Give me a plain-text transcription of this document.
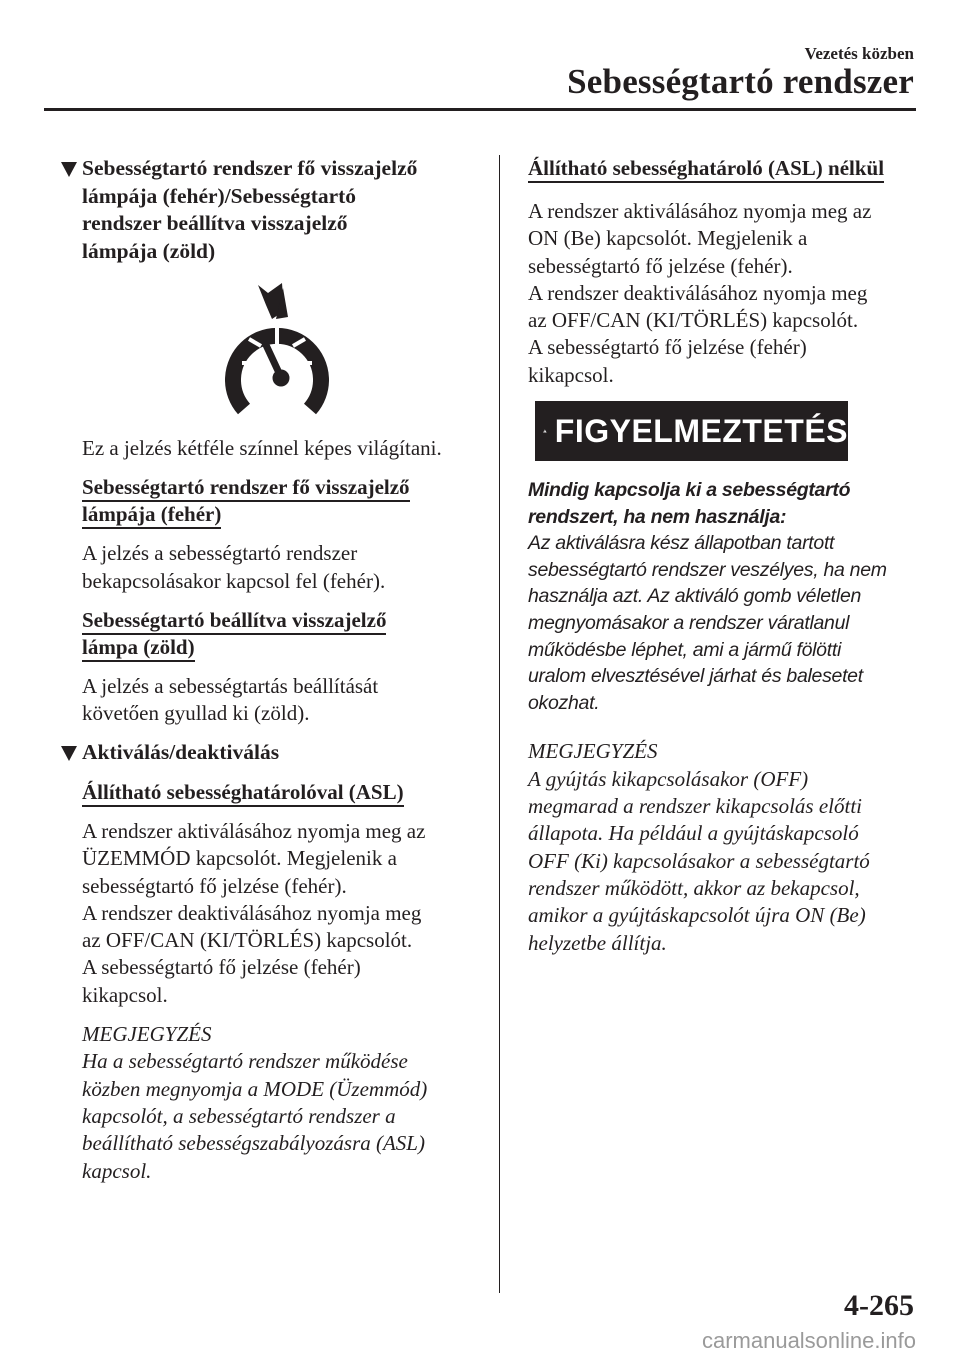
Vezetés közben
Sebességtartó rendszer
Sebességtartó rendszer fő visszajelző
lámpája (fehér)/Sebességtartó
rendszer beállítva visszajelző
lámpája (zöld)
Ez a jelzés kétféle színnel képes világítani.
Sebességtartó rendszer fő visszajelző
lámpája (fehér)
A jelzés a sebességtartó rendszer
bekapcsolásakor kapcsol fel (fehér).
Sebességtartó beállítva visszajelző
lámpa (zöld)
A jelzés a sebességtartás beállítását
követően gyullad ki (zöld).
Aktiválás/deaktiválás
Állítható sebességhatárolóval (ASL)
A rendszer aktiválásához nyomja meg az
ÜZEMMÓD kapcsolót. Megjelenik a
sebességtartó fő jelzése (fehér).
A rendszer deaktiválásához nyomja meg
az OFF/CAN (KI/TÖRLÉS) kapcsolót.
A sebességtartó fő jelzése (fehér)
kikapcsol.
MEGJEGYZÉS
Ha a sebességtartó rendszer működése
közben megnyomja a MODE (Üzemmód)
kapcsolót, a sebességtartó rendszer a
beállítható sebességszabályozásra (ASL)
kapcsol.
Állítható sebességhatároló (ASL) nélkül
A rendszer aktiválásához nyomja meg az
ON (Be) kapcsolót. Megjelenik a
sebességtartó fő jelzése (fehér).
A rendszer deaktiválásához nyomja meg
az OFF/CAN (KI/TÖRLÉS) kapcsolót.
A sebességtartó fő jelzése (fehér)
kikapcsol.
FIGYELMEZTETÉS
Mindig kapcsolja ki a sebességtartó
rendszert, ha nem használja:
Az aktiválásra kész állapotban tartott
sebességtartó rendszer veszélyes, ha nem
használja azt. Az aktiváló gomb véletlen
megnyomásakor a rendszer váratlanul
működésbe léphet, ami a jármű fölötti
uralom elvesztésével járhat és balesetet
okozhat.
MEGJEGYZÉS
A gyújtás kikapcsolásakor (OFF)
megmarad a rendszer kikapcsolás előtti
állapota. Ha például a gyújtáskapcsoló
OFF (Ki) kapcsolásakor a sebességtartó
rendszer működött, akkor az bekapcsol,
amikor a gyújtáskapcsolót újra ON (Be)
helyzetbe állítja.
4-265
carmanualsonline.info
